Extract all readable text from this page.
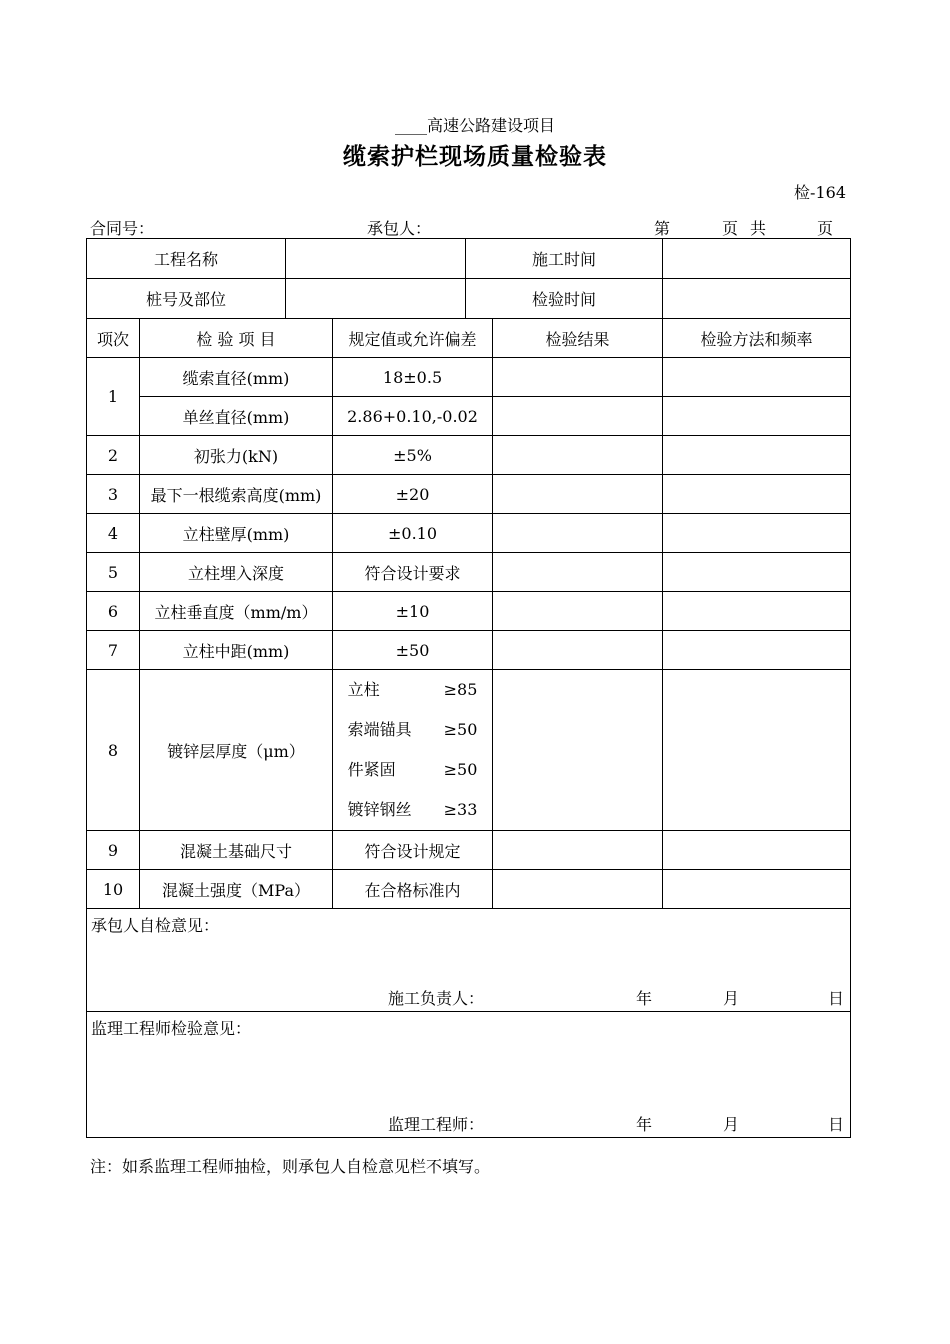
____高速公路建设项目
缆索护栏现场质量检验表
检-164
合同号：	承包人：	第	页 共	页
工程名称				施工时间		
桩号及部位				检验时间		
项次	检 验 项 目		规定值或允许偏差		检验结果	检验方法和频率
1	缆索直径(mm)		18±0.5			
	单丝直径(mm)		2.86+0.10,-0.02			
2	初张力(kN)		±5%			
3	最下一根缆索高度(mm)		±20			
4	立柱壁厚(mm)		±0.10			
5	立柱埋入深度		符合设计要求			
6	立柱垂直度（mm/m）		±10			
7	立柱中距(mm)		±50			
8	镀锌层厚度（μm）		立柱 ≥85
索端锚具 ≥50
件紧固 ≥50
镀锌钢丝 ≥33			

9	混凝土基础尺寸		符合设计规定			
10	混凝土强度（MPa）		在合格标准内			

承包人自检意见：
施工负责人： 年 月 日						

监理工程师检验意见：
监理工程师： 年 月 日						
注：如系监理工程师抽检，则承包人自检意见栏不填写。
